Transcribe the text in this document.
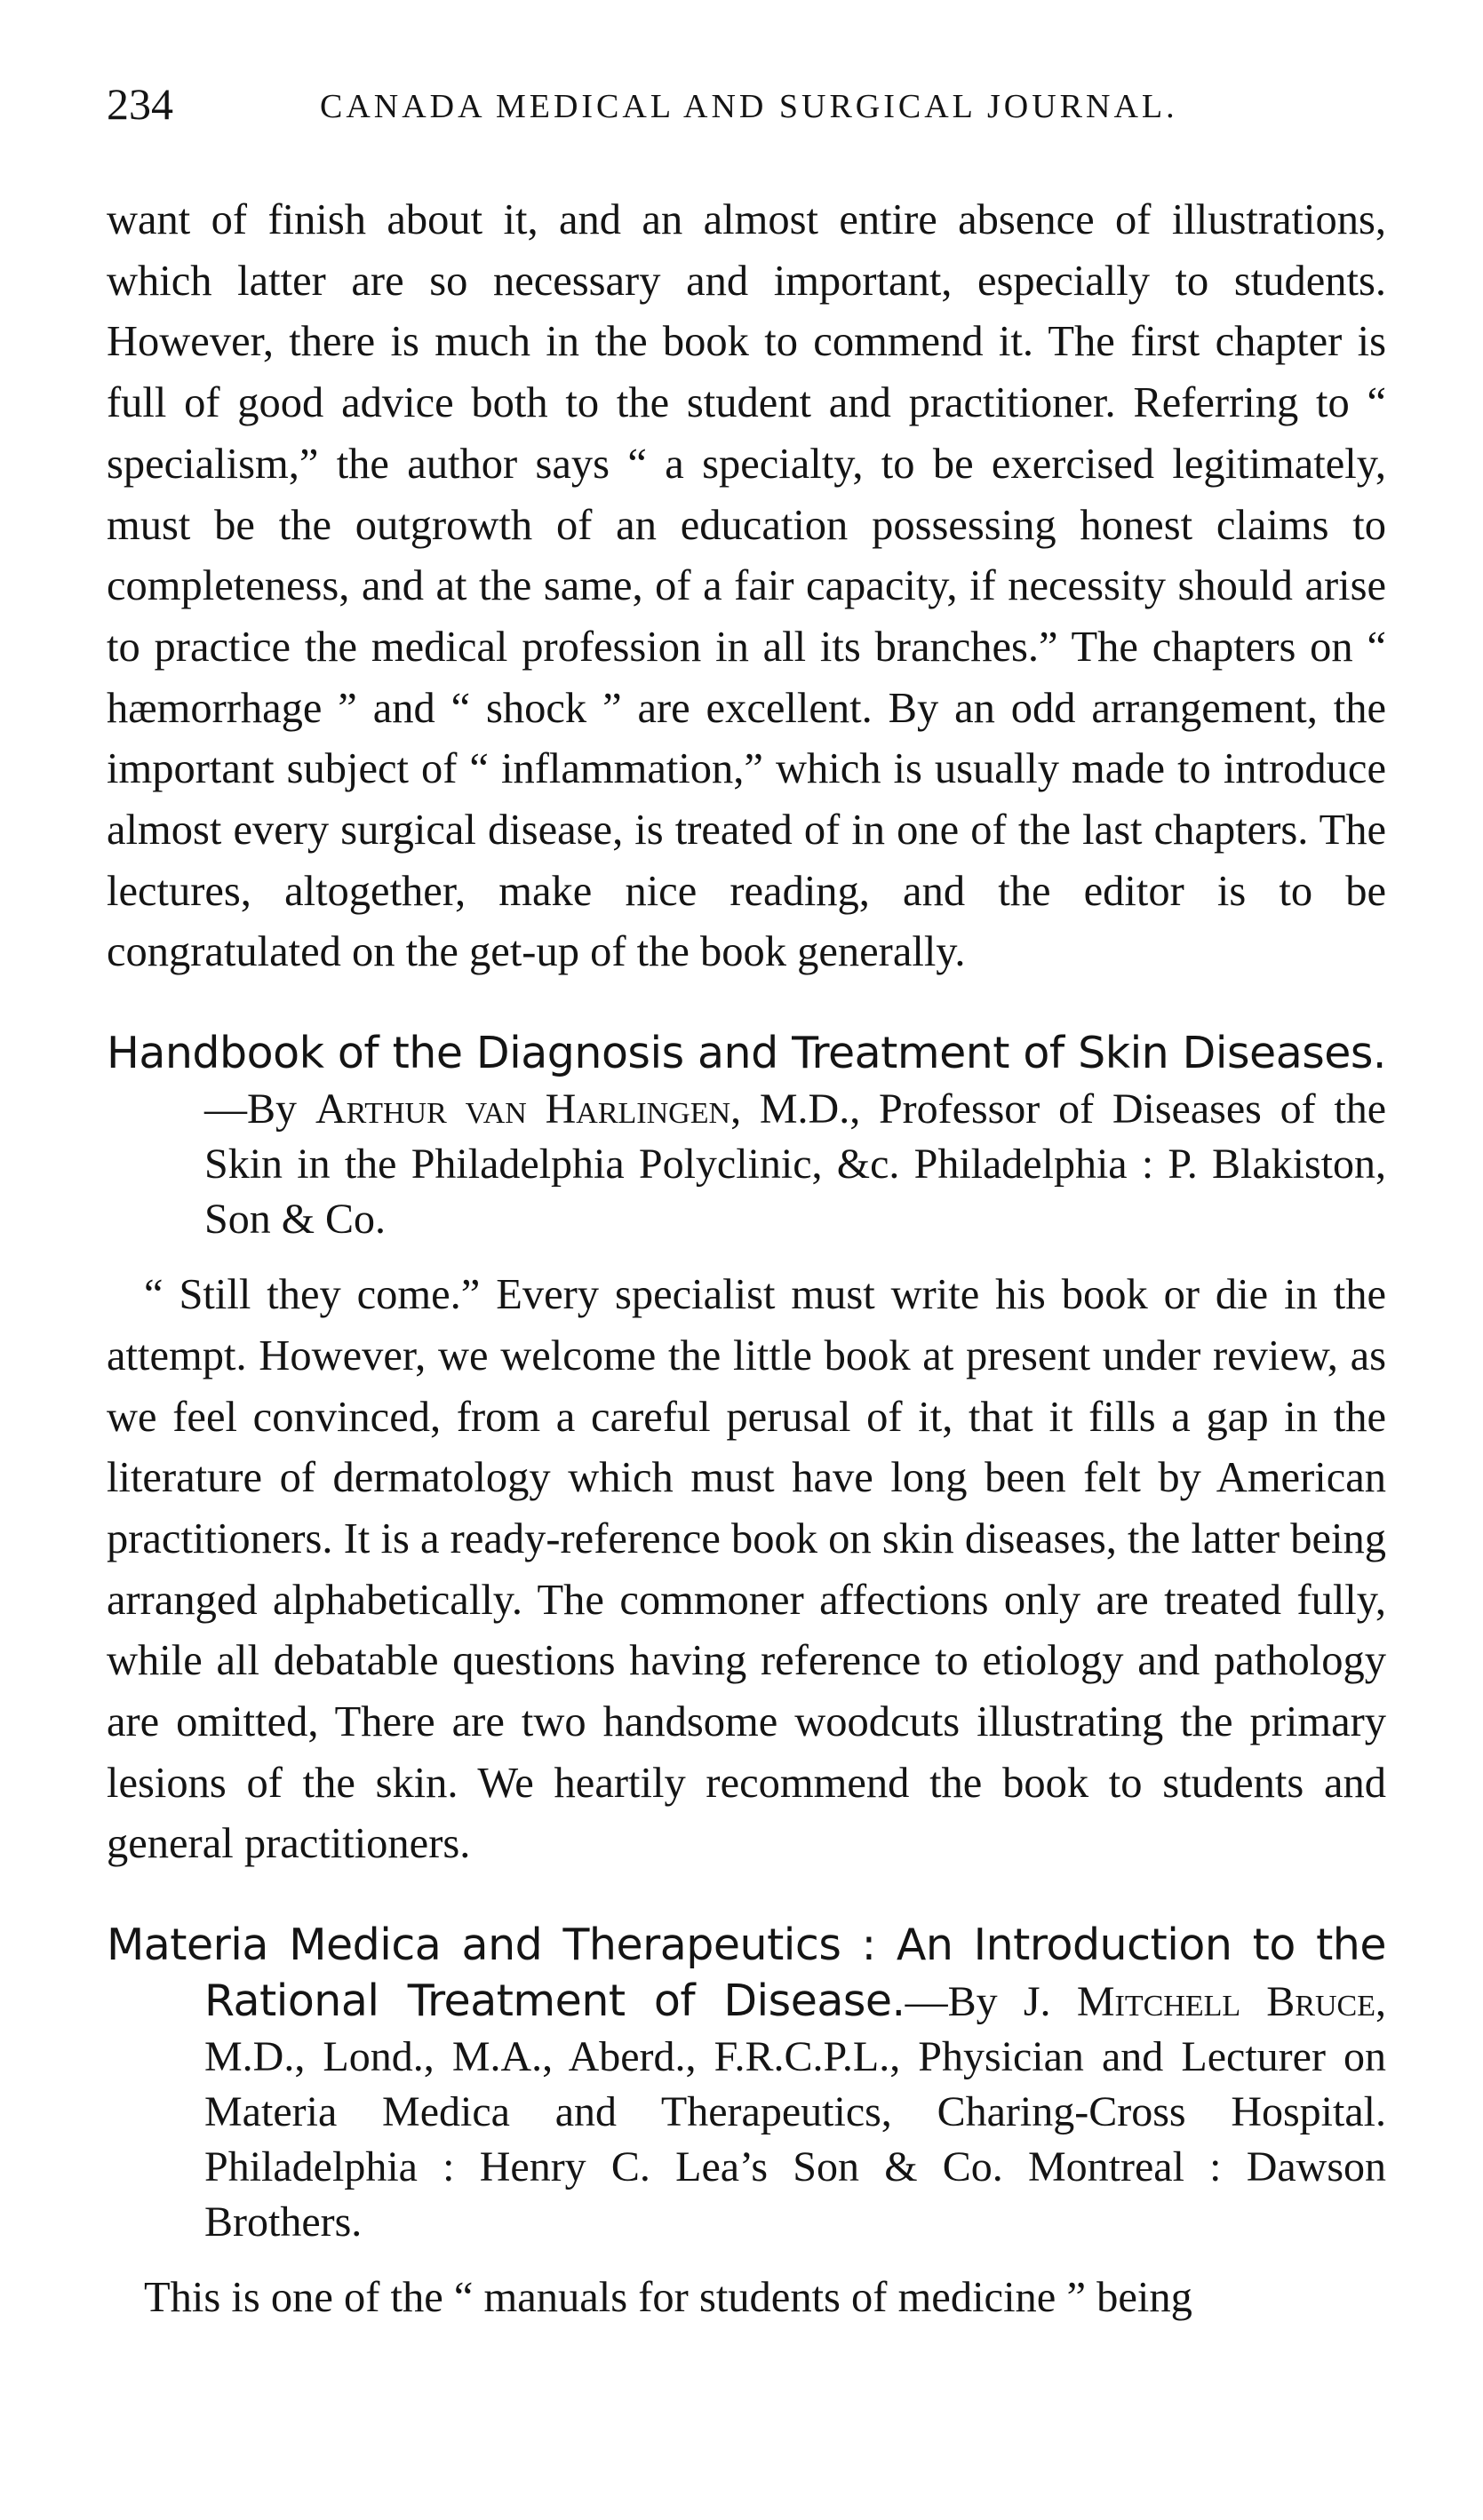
234	CANADA MEDICAL AND SURGICAL JOURNAL.

want of finish about it, and an almost entire absence of illustrations, which latter are so necessary and important, especially to students. However, there is much in the book to commend it. The first chapter is full of good advice both to the student and practitioner. Referring to “ specialism,” the author says “ a specialty, to be exercised legitimately, must be the outgrowth of an education possessing honest claims to completeness, and at the same, of a fair capacity, if necessity should arise to practice the medical profession in all its branches.” The chapters on “ hæmorrhage ” and “ shock ” are excellent. By an odd arrangement, the important subject of “ inflammation,” which is usually made to introduce almost every surgical disease, is treated of in one of the last chapters. The lectures, altogether, make nice reading, and the editor is to be congratulated on the get-up of the book generally.

Handbook of the Diagnosis and Treatment of Skin Diseases.—By Arthur van Harlingen, M.D., Professor of Diseases of the Skin in the Philadelphia Polyclinic, &c. Philadelphia : P. Blakiston, Son & Co.

“ Still they come.” Every specialist must write his book or die in the attempt. However, we welcome the little book at present under review, as we feel convinced, from a careful perusal of it, that it fills a gap in the literature of dermatology which must have long been felt by American practitioners. It is a ready-reference book on skin diseases, the latter being arranged alphabetically. The commoner affections only are treated fully, while all debatable questions having reference to etiology and pathology are omitted, There are two handsome woodcuts illustrating the primary lesions of the skin. We heartily recommend the book to students and general practitioners.

Materia Medica and Therapeutics : An Introduction to the Rational Treatment of Disease.—By J. Mitchell Bruce, M.D., Lond., M.A., Aberd., F.R.C.P.L., Physician and Lecturer on Materia Medica and Therapeutics, Charing-Cross Hospital. Philadelphia : Henry C. Lea’s Son & Co. Montreal : Dawson Brothers.

This is one of the “ manuals for students of medicine ” being
